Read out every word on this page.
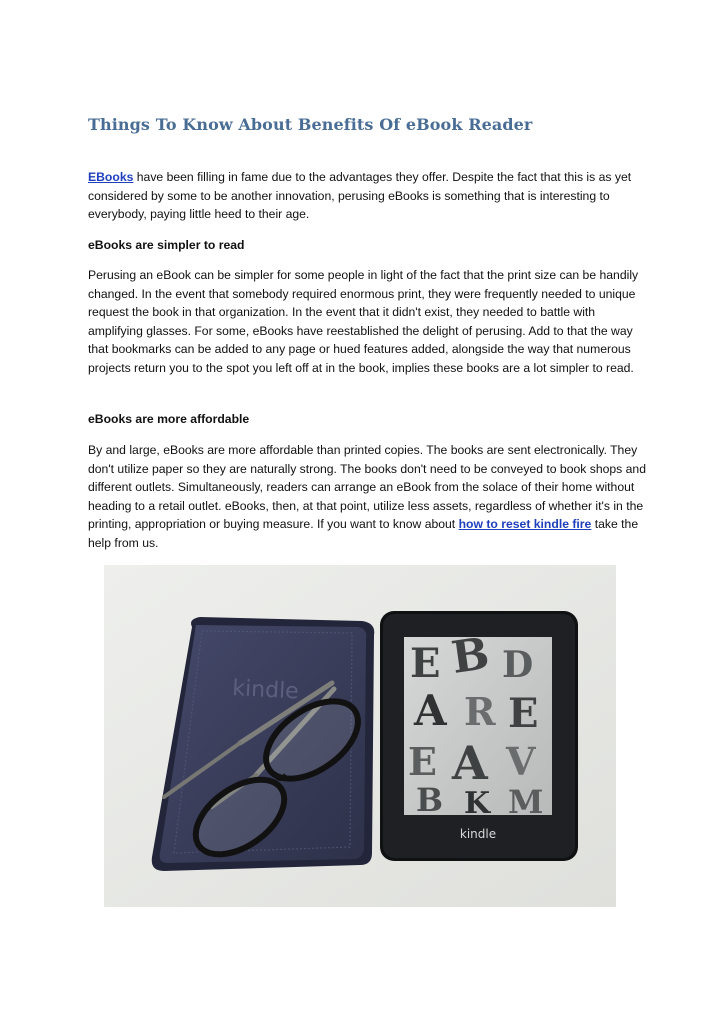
Things To Know About Benefits Of eBook Reader

EBooks have been filling in fame due to the advantages they offer. Despite the fact that this is as yet considered by some to be another innovation, perusing eBooks is something that is interesting to everybody, paying little heed to their age.

eBooks are simpler to read

Perusing an eBook can be simpler for some people in light of the fact that the print size can be handily changed. In the event that somebody required enormous print, they were frequently needed to unique request the book in that organization. In the event that it didn't exist, they needed to battle with amplifying glasses. For some, eBooks have reestablished the delight of perusing. Add to that the way that bookmarks can be added to any page or hued features added, alongside the way that numerous projects return you to the spot you left off at in the book, implies these books are a lot simpler to read.

eBooks are more affordable

By and large, eBooks are more affordable than printed copies. The books are sent electronically. They don't utilize paper so they are naturally strong. The books don't need to be conveyed to book shops and different outlets. Simultaneously, readers can arrange an eBook from the solace of their home without heading to a retail outlet. eBooks, then, at that point, utilize less assets, regardless of whether it's in the printing, appropriation or buying measure. If you want to know about how to reset kindle fire take the help from us.

kindle
E B D
A R E
E A V
B K M
kindle
